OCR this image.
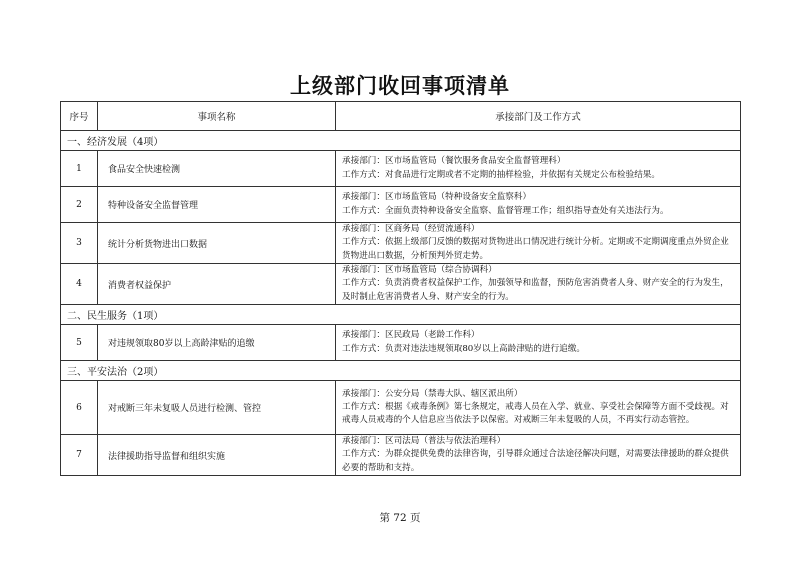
上级部门收回事项清单
序号	事项名称	承接部门及工作方式
一、经济发展（4项）		
1	食品安全快速检测	承接部门：区市场监管局（餐饮服务食品安全监督管理科）
工作方式：对食品进行定期或者不定期的抽样检验，并依据有关规定公布检验结果。

2	特种设备安全监督管理	承接部门：区市场监管局（特种设备安全监察科）
工作方式：全面负责特种设备安全监察、监督管理工作；组织指导查处有关违法行为。

3	统计分析货物进出口数据	承接部门：区商务局（经贸流通科）
工作方式：依据上级部门反馈的数据对货物进出口情况进行统计分析。定期或不定期调度重点外贸企业货物进出口数据，分析预判外贸走势。

4	消费者权益保护	承接部门：区市场监管局（综合协调科）
工作方式：负责消费者权益保护工作，加强领导和监督，预防危害消费者人身、财产安全的行为发生，及时制止危害消费者人身、财产安全的行为。

二、民生服务（1项）		
5	对违规领取80岁以上高龄津贴的追缴	承接部门：区民政局（老龄工作科）
工作方式：负责对违法违规领取80岁以上高龄津贴的进行追缴。

三、平安法治（2项）		
6	对戒断三年未复吸人员进行检测、管控	承接部门：公安分局（禁毒大队、辖区派出所）
工作方式：根据《戒毒条例》第七条规定，戒毒人员在入学、就业、享受社会保障等方面不受歧视。对戒毒人员戒毒的个人信息应当依法予以保密。对戒断三年未复吸的人员，不再实行动态管控。

7	法律援助指导监督和组织实施	承接部门：区司法局（普法与依法治理科）
工作方式：为群众提供免费的法律咨询，引导群众通过合法途径解决问题，对需要法律援助的群众提供必要的帮助和支持。
第 72 页
